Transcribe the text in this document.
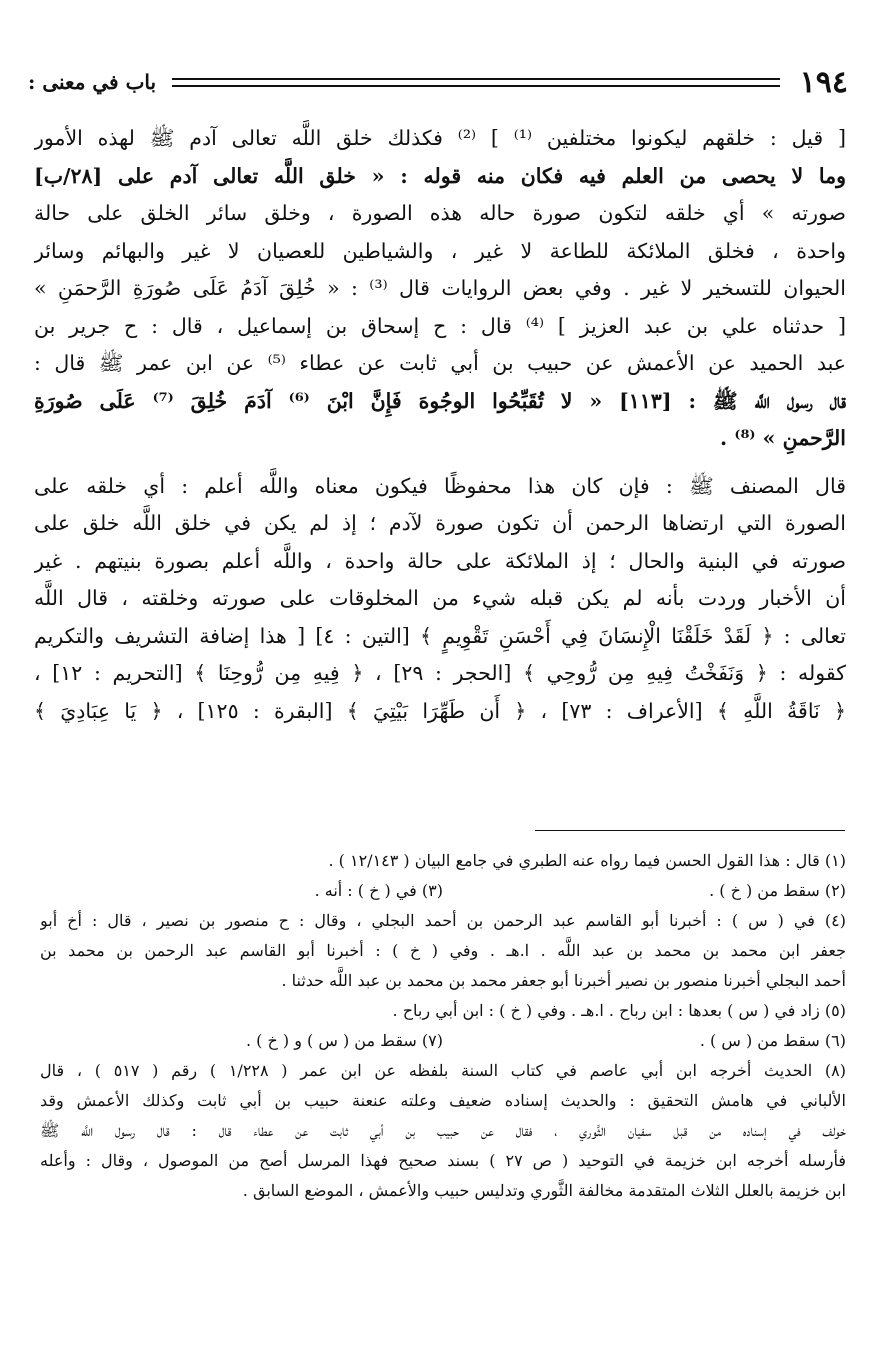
١٩٤
باب في معنى :
[ قيل : خلقهم ليكونوا مختلفين ⁽¹⁾ ] ⁽²⁾ فكذلك خلق اللَّه تعالى آدم ﷺ لهذه الأمور
وما لا يحصى من العلم فيه فكان منه قوله : « خلق اللَّه تعالى آدم على [٢٨/ب]
صورته » أي خلقه لتكون صورة حاله هذه الصورة ، وخلق سائر الخلق على حالة
واحدة ، فخلق الملائكة للطاعة لا غير ، والشياطين للعصيان لا غير والبهائم وسائر
الحيوان للتسخير لا غير . وفي بعض الروايات قال ⁽³⁾ : « خُلِقَ آدَمُ عَلَى صُورَةِ الرَّحمَنِ »
[ حدثناه علي بن عبد العزيز ] ⁽⁴⁾ قال : ح إسحاق بن إسماعيل ، قال : ح جرير بن
عبد الحميد عن الأعمش عن حبيب بن أبي ثابت عن عطاء ⁽⁵⁾ عن ابن عمر ﷺ قال :
قال رسول اللَّه ﷺ : [١١٣] « لا تُقَبِّحُوا الوجُوهَ فَإِنَّ ابْنَ ⁽⁶⁾ آدَمَ خُلِقَ ⁽⁷⁾ عَلَى صُورَةِ
الرَّحمنِ » ⁽⁸⁾ .
قال المصنف ﷺ : فإن كان هذا محفوظًا فيكون معناه واللَّه أعلم : أي خلقه على
الصورة التي ارتضاها الرحمن أن تكون صورة لآدم ؛ إذ لم يكن في خلق اللَّه خلق على
صورته في البنية والحال ؛ إذ الملائكة على حالة واحدة ، واللَّه أعلم بصورة بنيتهم . غير
أن الأخبار وردت بأنه لم يكن قبله شيء من المخلوقات على صورته وخلقته ، قال اللَّه
تعالى : ﴿ لَقَدْ خَلَقْنَا الْإِنسَانَ فِي أَحْسَنِ تَقْوِيمٍ ﴾ [التين : ٤] [ هذا إضافة التشريف والتكريم
كقوله : ﴿ وَنَفَخْتُ فِيهِ مِن رُّوحِي ﴾ [الحجر : ٢٩] ، ﴿ فِيهِ مِن رُّوحِنَا ﴾ [التحريم : ١٢] ،
﴿ نَاقَةُ اللَّهِ ﴾ [الأعراف : ٧٣] ، ﴿ أَن طَهِّرَا بَيْتِيَ ﴾ [البقرة : ١٢٥] ، ﴿ يَا عِبَادِيَ ﴾
(١) قال : هذا القول الحسن فيما رواه عنه الطبري في جامع البيان ( ١٢/١٤٣ ) .
(٢) سقط من ( خ ) .
(٣) في ( خ ) : أنه .
(٤) في ( س ) : أخبرنا أبو القاسم عبد الرحمن بن أحمد البجلي ، وقال : ح منصور بن نصير ، قال : أخ أبو
جعفر ابن محمد بن محمد بن عبد اللَّه . ا.هـ . وفي ( خ ) : أخبرنا أبو القاسم عبد الرحمن بن محمد بن
أحمد البجلي أخبرنا منصور بن نصير أخبرنا أبو جعفر محمد بن محمد بن عبد اللَّه حدثنا .
(٥) زاد في ( س ) بعدها : ابن رباح . ا.هـ . وفي ( خ ) : ابن أبي رباح .
(٦) سقط من ( س ) .
(٧) سقط من ( س ) و ( خ ) .
(٨) الحديث أخرجه ابن أبي عاصم في كتاب السنة بلفظه عن ابن عمر ( ١/٢٢٨ ) رقم ( ٥١٧ ) ، قال
الألباني في هامش التحقيق : والحديث إسناده ضعيف وعلته عنعنة حبيب بن أبي ثابت وكذلك الأعمش وقد
خولف في إسناده من قبل سفيان الثَّوري ، فقال عن حبيب بن أبي ثابت عن عطاء قال : قال رسول اللَّه ﷺ
فأرسله أخرجه ابن خزيمة في التوحيد ( ص ٢٧ ) بسند صحيح فهذا المرسل أصح من الموصول ، وقال : وأعله
ابن خزيمة بالعلل الثلاث المتقدمة مخالفة الثَّوري وتدليس حبيب والأعمش ، الموضع السابق .
